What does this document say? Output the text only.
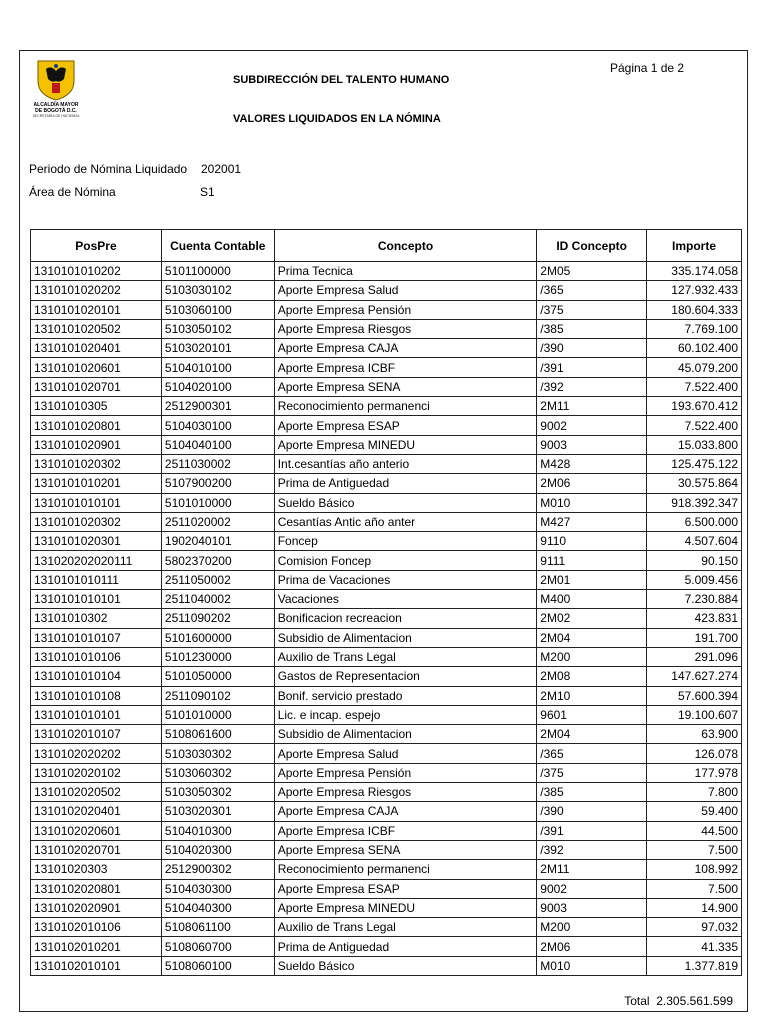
ALCALDÍA MAYOR
DE BOGOTÁ D.C.
SECRETARÍA DE HACIENDA
Página 1 de 2
SUBDIRECCIÓN DEL TALENTO HUMANO
VALORES LIQUIDADOS EN LA NÓMINA
Periodo de Nómina Liquidado 202001
Área de Nómina	S1
PosPre	Cuenta Contable	Concepto	ID Concepto	Importe
1310101010202	5101100000	Prima Tecnica	2M05	335.174.058
1310101020202	5103030102	Aporte Empresa Salud	/365	127.932.433
1310101020101	5103060100	Aporte Empresa Pensión	/375	180.604.333
1310101020502	5103050102	Aporte Empresa Riesgos	/385	7.769.100
1310101020401	5103020101	Aporte Empresa CAJA	/390	60.102.400
1310101020601	5104010100	Aporte Empresa ICBF	/391	45.079.200
1310101020701	5104020100	Aporte Empresa SENA	/392	7.522.400
13101010305	2512900301	Reconocimiento permanenci	2M11	193.670.412
1310101020801	5104030100	Aporte Empresa ESAP	9002	7.522.400
1310101020901	5104040100	Aporte Empresa MINEDU	9003	15.033.800
1310101020302	2511030002	Int.cesantías año anterio	M428	125.475.122
1310101010201	5107900200	Prima de Antiguedad	2M06	30.575.864
1310101010101	5101010000	Sueldo Básico	M010	918.392.347
1310101020302	2511020002	Cesantías Antic año anter	M427	6.500.000
1310101020301	1902040101	Foncep	9110	4.507.604
131020202020111	5802370200	Comision Foncep	9111	90.150
1310101010111	2511050002	Prima de Vacaciones	2M01	5.009.456
1310101010101	2511040002	Vacaciones	M400	7.230.884
13101010302	2511090202	Bonificacion recreacion	2M02	423.831
1310101010107	5101600000	Subsidio de Alimentacion	2M04	191.700
1310101010106	5101230000	Auxilio de Trans Legal	M200	291.096
1310101010104	5101050000	Gastos de Representacion	2M08	147.627.274
1310101010108	2511090102	Bonif. servicio prestado	2M10	57.600.394
1310101010101	5101010000	Lic. e incap. espejo	9601	19.100.607
1310102010107	5108061600	Subsidio de Alimentacion	2M04	63.900
1310102020202	5103030302	Aporte Empresa Salud	/365	126.078
1310102020102	5103060302	Aporte Empresa Pensión	/375	177.978
1310102020502	5103050302	Aporte Empresa Riesgos	/385	7.800
1310102020401	5103020301	Aporte Empresa CAJA	/390	59.400
1310102020601	5104010300	Aporte Empresa ICBF	/391	44.500
1310102020701	5104020300	Aporte Empresa SENA	/392	7.500
13101020303	2512900302	Reconocimiento permanenci	2M11	108.992
1310102020801	5104030300	Aporte Empresa ESAP	9002	7.500
1310102020901	5104040300	Aporte Empresa MINEDU	9003	14.900
1310102010106	5108061100	Auxilio de Trans Legal	M200	97.032
1310102010201	5108060700	Prima de Antiguedad	2M06	41.335
1310102010101	5108060100	Sueldo Básico	M010	1.377.819
Total 2.305.561.599
